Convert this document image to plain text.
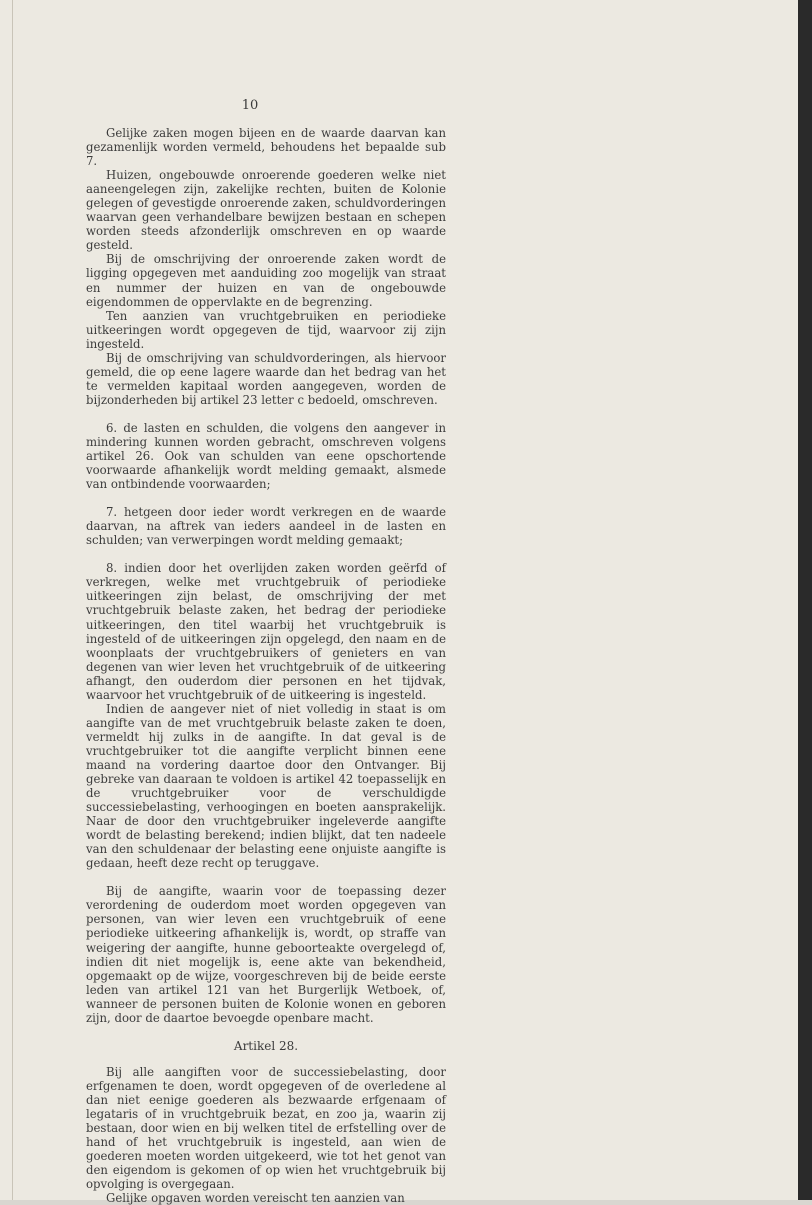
10

Gelijke zaken mogen bijeen en de waarde daarvan kan gezamenlijk worden vermeld, behoudens het bepaalde sub 7.

Huizen, ongebouwde onroerende goederen welke niet aaneengelegen zijn, zakelijke rechten, buiten de Kolonie gelegen of gevestigde onroerende zaken, schuldvorderingen waarvan geen verhandelbare bewijzen bestaan en schepen worden steeds afzonderlijk omschreven en op waarde gesteld.

Bij de omschrijving der onroerende zaken wordt de ligging opgegeven met aanduiding zoo mogelijk van straat en nummer der huizen en van de ongebouwde eigendommen de oppervlakte en de begrenzing.

Ten aanzien van vruchtgebruiken en periodieke uitkeeringen wordt opgegeven de tijd, waarvoor zij zijn ingesteld.

Bij de omschrijving van schuldvorderingen, als hiervoor gemeld, die op eene lagere waarde dan het bedrag van het te vermelden kapitaal worden aangegeven, worden de bijzonderheden bij artikel 23 letter c bedoeld, omschreven.

6. de lasten en schulden, die volgens den aangever in mindering kunnen worden gebracht, omschreven volgens artikel 26. Ook van schulden van eene opschortende voorwaarde afhankelijk wordt melding gemaakt, alsmede van ontbindende voorwaarden;

7. hetgeen door ieder wordt verkregen en de waarde daarvan, na aftrek van ieders aandeel in de lasten en schulden; van verwerpingen wordt melding gemaakt;

8. indien door het overlijden zaken worden geërfd of verkregen, welke met vruchtgebruik of periodieke uitkeeringen zijn belast, de omschrijving der met vruchtgebruik belaste zaken, het bedrag der periodieke uitkeeringen, den titel waarbij het vruchtgebruik is ingesteld of de uitkeeringen zijn opgelegd, den naam en de woonplaats der vruchtgebruikers of genieters en van degenen van wier leven het vruchtgebruik of de uitkeering afhangt, den ouderdom dier personen en het tijdvak, waarvoor het vruchtgebruik of de uitkeering is ingesteld.

Indien de aangever niet of niet volledig in staat is om aangifte van de met vruchtgebruik belaste zaken te doen, vermeldt hij zulks in de aangifte. In dat geval is de vruchtgebruiker tot die aangifte verplicht binnen eene maand na vordering daartoe door den Ontvanger. Bij gebreke van daaraan te voldoen is artikel 42 toepasselijk en de vruchtgebruiker voor de verschuldigde successiebelasting, verhoogingen en boeten aansprakelijk. Naar de door den vruchtgebruiker ingeleverde aangifte wordt de belasting berekend; indien blijkt, dat ten nadeele van den schuldenaar der belasting eene onjuiste aangifte is gedaan, heeft deze recht op teruggave.

Bij de aangifte, waarin voor de toepassing dezer verordening de ouderdom moet worden opgegeven van personen, van wier leven een vruchtgebruik of eene periodieke uitkeering afhankelijk is, wordt, op straffe van weigering der aangifte, hunne geboorteakte overgelegd of, indien dit niet mogelijk is, eene akte van bekendheid, opgemaakt op de wijze, voorgeschreven bij de beide eerste leden van artikel 121 van het Burgerlijk Wetboek, of, wanneer de personen buiten de Kolonie wonen en geboren zijn, door de daartoe bevoegde openbare macht.

Artikel 28.

Bij alle aangiften voor de successiebelasting, door erfgenamen te doen, wordt opgegeven of de overledene al dan niet eenige goederen als bezwaarde erfgenaam of legataris of in vruchtgebruik bezat, en zoo ja, waarin zij bestaan, door wien en bij welken titel de erfstelling over de hand of het vruchtgebruik is ingesteld, aan wien de goederen moeten worden uitgekeerd, wie tot het genot van den eigendom is gekomen of op wien het vruchtgebruik bij opvolging is overgegaan.

Gelijke opgaven worden vereischt ten aanzien van
